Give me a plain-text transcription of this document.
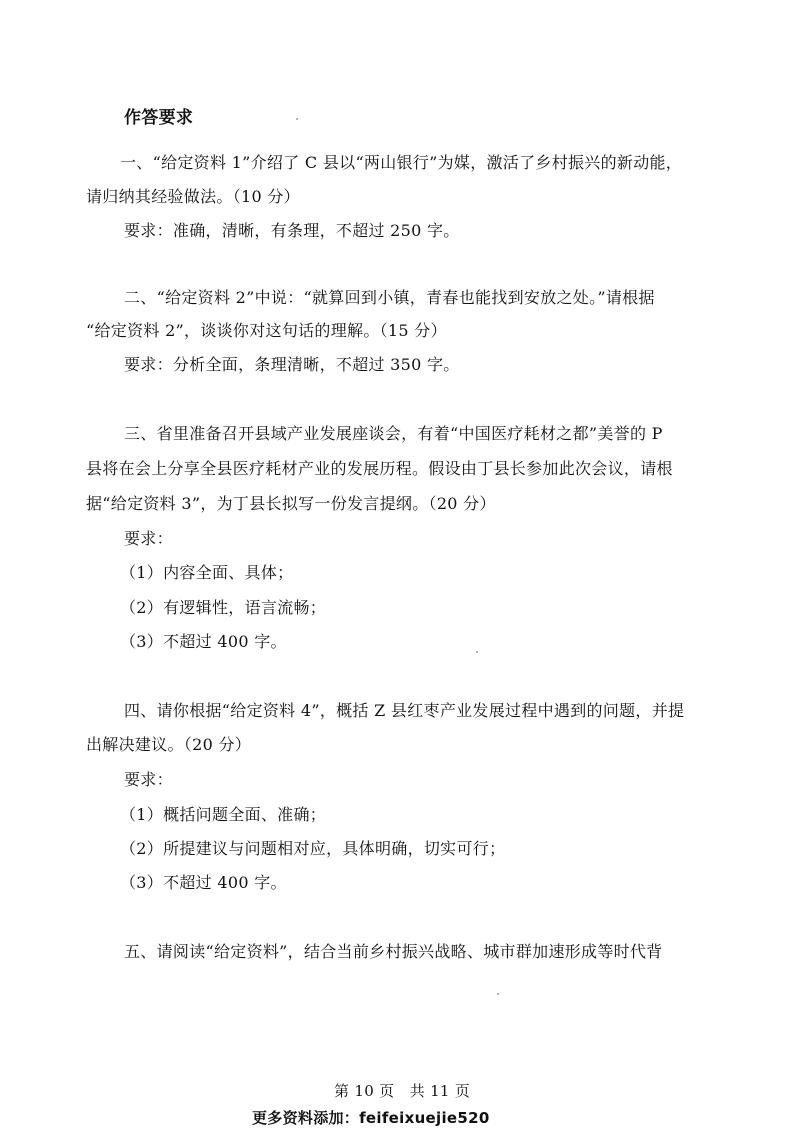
作答要求
一、“给定资料 1”介绍了 C 县以“两山银行”为媒，激活了乡村振兴的新动能，
请归纳其经验做法。（10 分）
要求：准确，清晰，有条理，不超过 250 字。
二、“给定资料 2”中说：“就算回到小镇，青春也能找到安放之处。”请根据
“给定资料 2”，谈谈你对这句话的理解。（15 分）
要求：分析全面，条理清晰，不超过 350 字。
三、省里准备召开县域产业发展座谈会，有着“中国医疗耗材之都”美誉的 P
县将在会上分享全县医疗耗材产业的发展历程。假设由丁县长参加此次会议，请根
据“给定资料 3”，为丁县长拟写一份发言提纲。（20 分）
要求：
（1）内容全面、具体；
（2）有逻辑性，语言流畅；
（3）不超过 400 字。
四、请你根据“给定资料 4”，概括 Z 县红枣产业发展过程中遇到的问题，并提
出解决建议。（20 分）
要求：
（1）概括问题全面、准确；
（2）所提建议与问题相对应，具体明确，切实可行；
（3）不超过 400 字。
五、请阅读“给定资料”，结合当前乡村振兴战略、城市群加速形成等时代背
第 10 页　共 11 页
更多资料添加：feifeixuejie520
